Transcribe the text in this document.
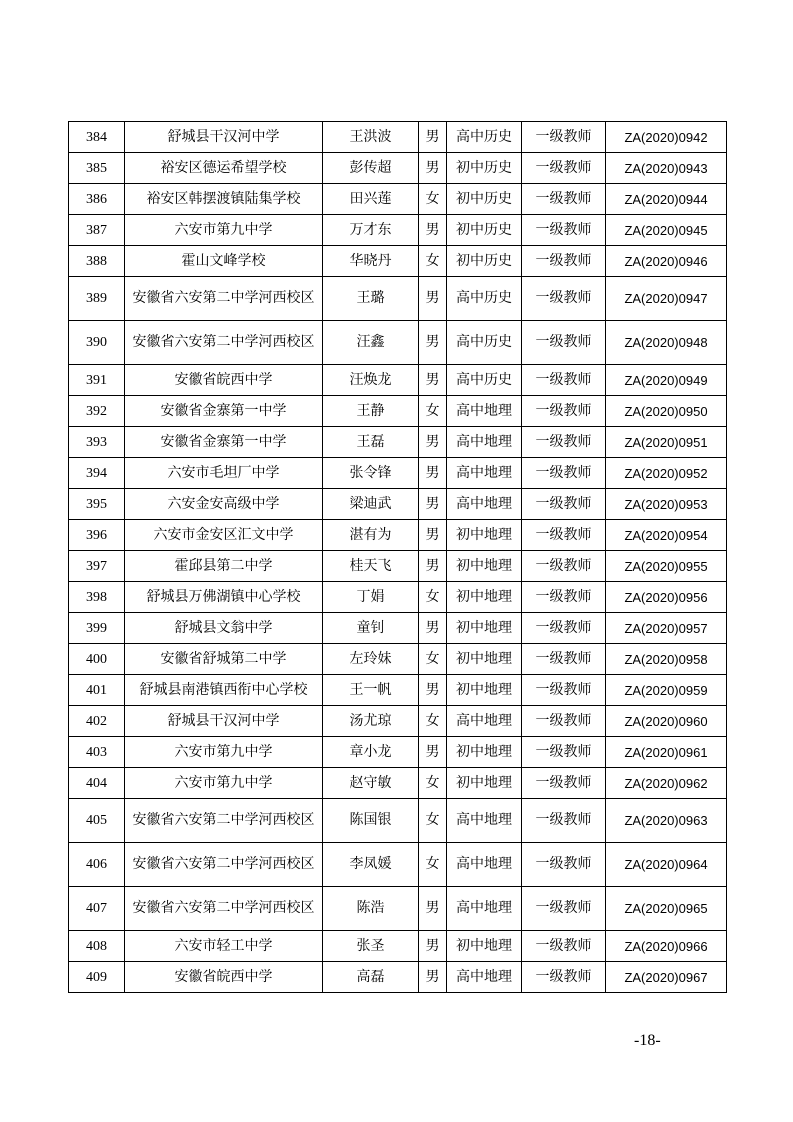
384	舒城县干汉河中学	王洪波	男	高中历史	一级教师	ZA(2020)0942
385	裕安区德运希望学校	彭传超	男	初中历史	一级教师	ZA(2020)0943
386	裕安区韩摆渡镇陆集学校	田兴莲	女	初中历史	一级教师	ZA(2020)0944
387	六安市第九中学	万才东	男	初中历史	一级教师	ZA(2020)0945
388	霍山文峰学校	华晓丹	女	初中历史	一级教师	ZA(2020)0946
389	安徽省六安第二中学河西校区	王璐	男	高中历史	一级教师	ZA(2020)0947
390	安徽省六安第二中学河西校区	汪鑫	男	高中历史	一级教师	ZA(2020)0948
391	安徽省皖西中学	汪焕龙	男	高中历史	一级教师	ZA(2020)0949
392	安徽省金寨第一中学	王静	女	高中地理	一级教师	ZA(2020)0950
393	安徽省金寨第一中学	王磊	男	高中地理	一级教师	ZA(2020)0951
394	六安市毛坦厂中学	张令锋	男	高中地理	一级教师	ZA(2020)0952
395	六安金安高级中学	梁迪武	男	高中地理	一级教师	ZA(2020)0953
396	六安市金安区汇文中学	湛有为	男	初中地理	一级教师	ZA(2020)0954
397	霍邱县第二中学	桂天飞	男	初中地理	一级教师	ZA(2020)0955
398	舒城县万佛湖镇中心学校	丁娟	女	初中地理	一级教师	ZA(2020)0956
399	舒城县文翁中学	童钊	男	初中地理	一级教师	ZA(2020)0957
400	安徽省舒城第二中学	左玲妹	女	初中地理	一级教师	ZA(2020)0958
401	舒城县南港镇西衔中心学校	王一帆	男	初中地理	一级教师	ZA(2020)0959
402	舒城县干汉河中学	汤尤琼	女	高中地理	一级教师	ZA(2020)0960
403	六安市第九中学	章小龙	男	初中地理	一级教师	ZA(2020)0961
404	六安市第九中学	赵守敏	女	初中地理	一级教师	ZA(2020)0962
405	安徽省六安第二中学河西校区	陈国银	女	高中地理	一级教师	ZA(2020)0963
406	安徽省六安第二中学河西校区	李凤媛	女	高中地理	一级教师	ZA(2020)0964
407	安徽省六安第二中学河西校区	陈浩	男	高中地理	一级教师	ZA(2020)0965
408	六安市轻工中学	张圣	男	初中地理	一级教师	ZA(2020)0966
409	安徽省皖西中学	高磊	男	高中地理	一级教师	ZA(2020)0967
-18-
